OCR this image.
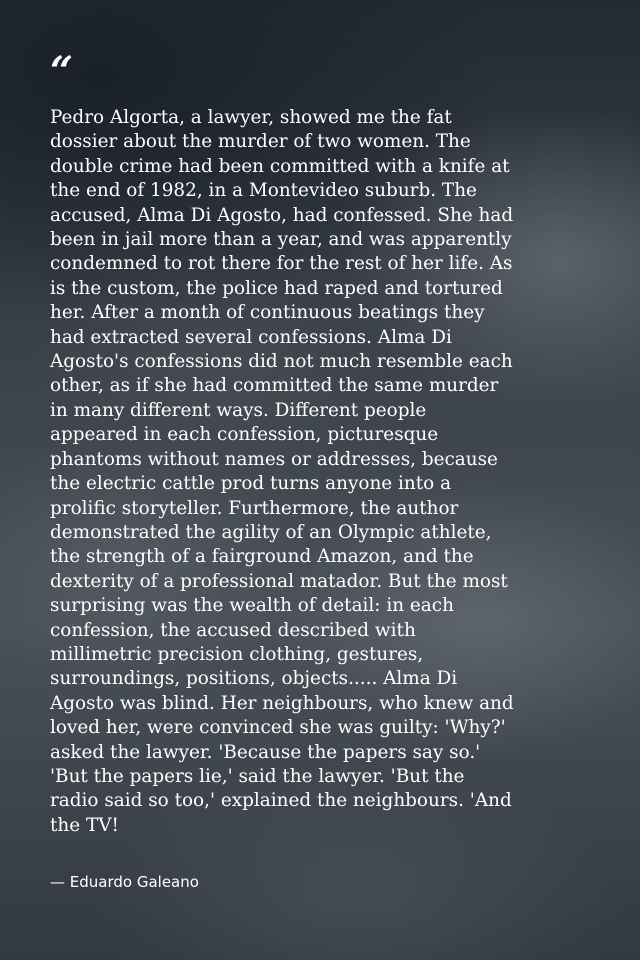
“

Pedro Algorta, a lawyer, showed me the fat
dossier about the murder of two women. The
double crime had been committed with a knife at
the end of 1982, in a Montevideo suburb. The
accused, Alma Di Agosto, had confessed. She had
been in jail more than a year, and was apparently
condemned to rot there for the rest of her life. As
is the custom, the police had raped and tortured
her. After a month of continuous beatings they
had extracted several confessions. Alma Di
Agosto's confessions did not much resemble each
other, as if she had committed the same murder
in many different ways. Different people
appeared in each confession, picturesque
phantoms without names or addresses, because
the electric cattle prod turns anyone into a
prolific storyteller. Furthermore, the author
demonstrated the agility of an Olympic athlete,
the strength of a fairground Amazon, and the
dexterity of a professional matador. But the most
surprising was the wealth of detail: in each
confession, the accused described with
millimetric precision clothing, gestures,
surroundings, positions, objects..... Alma Di
Agosto was blind. Her neighbours, who knew and
loved her, were convinced she was guilty: 'Why?'
asked the lawyer. 'Because the papers say so.'
'But the papers lie,' said the lawyer. 'But the
radio said so too,' explained the neighbours. 'And
the TV!

— Eduardo Galeano
